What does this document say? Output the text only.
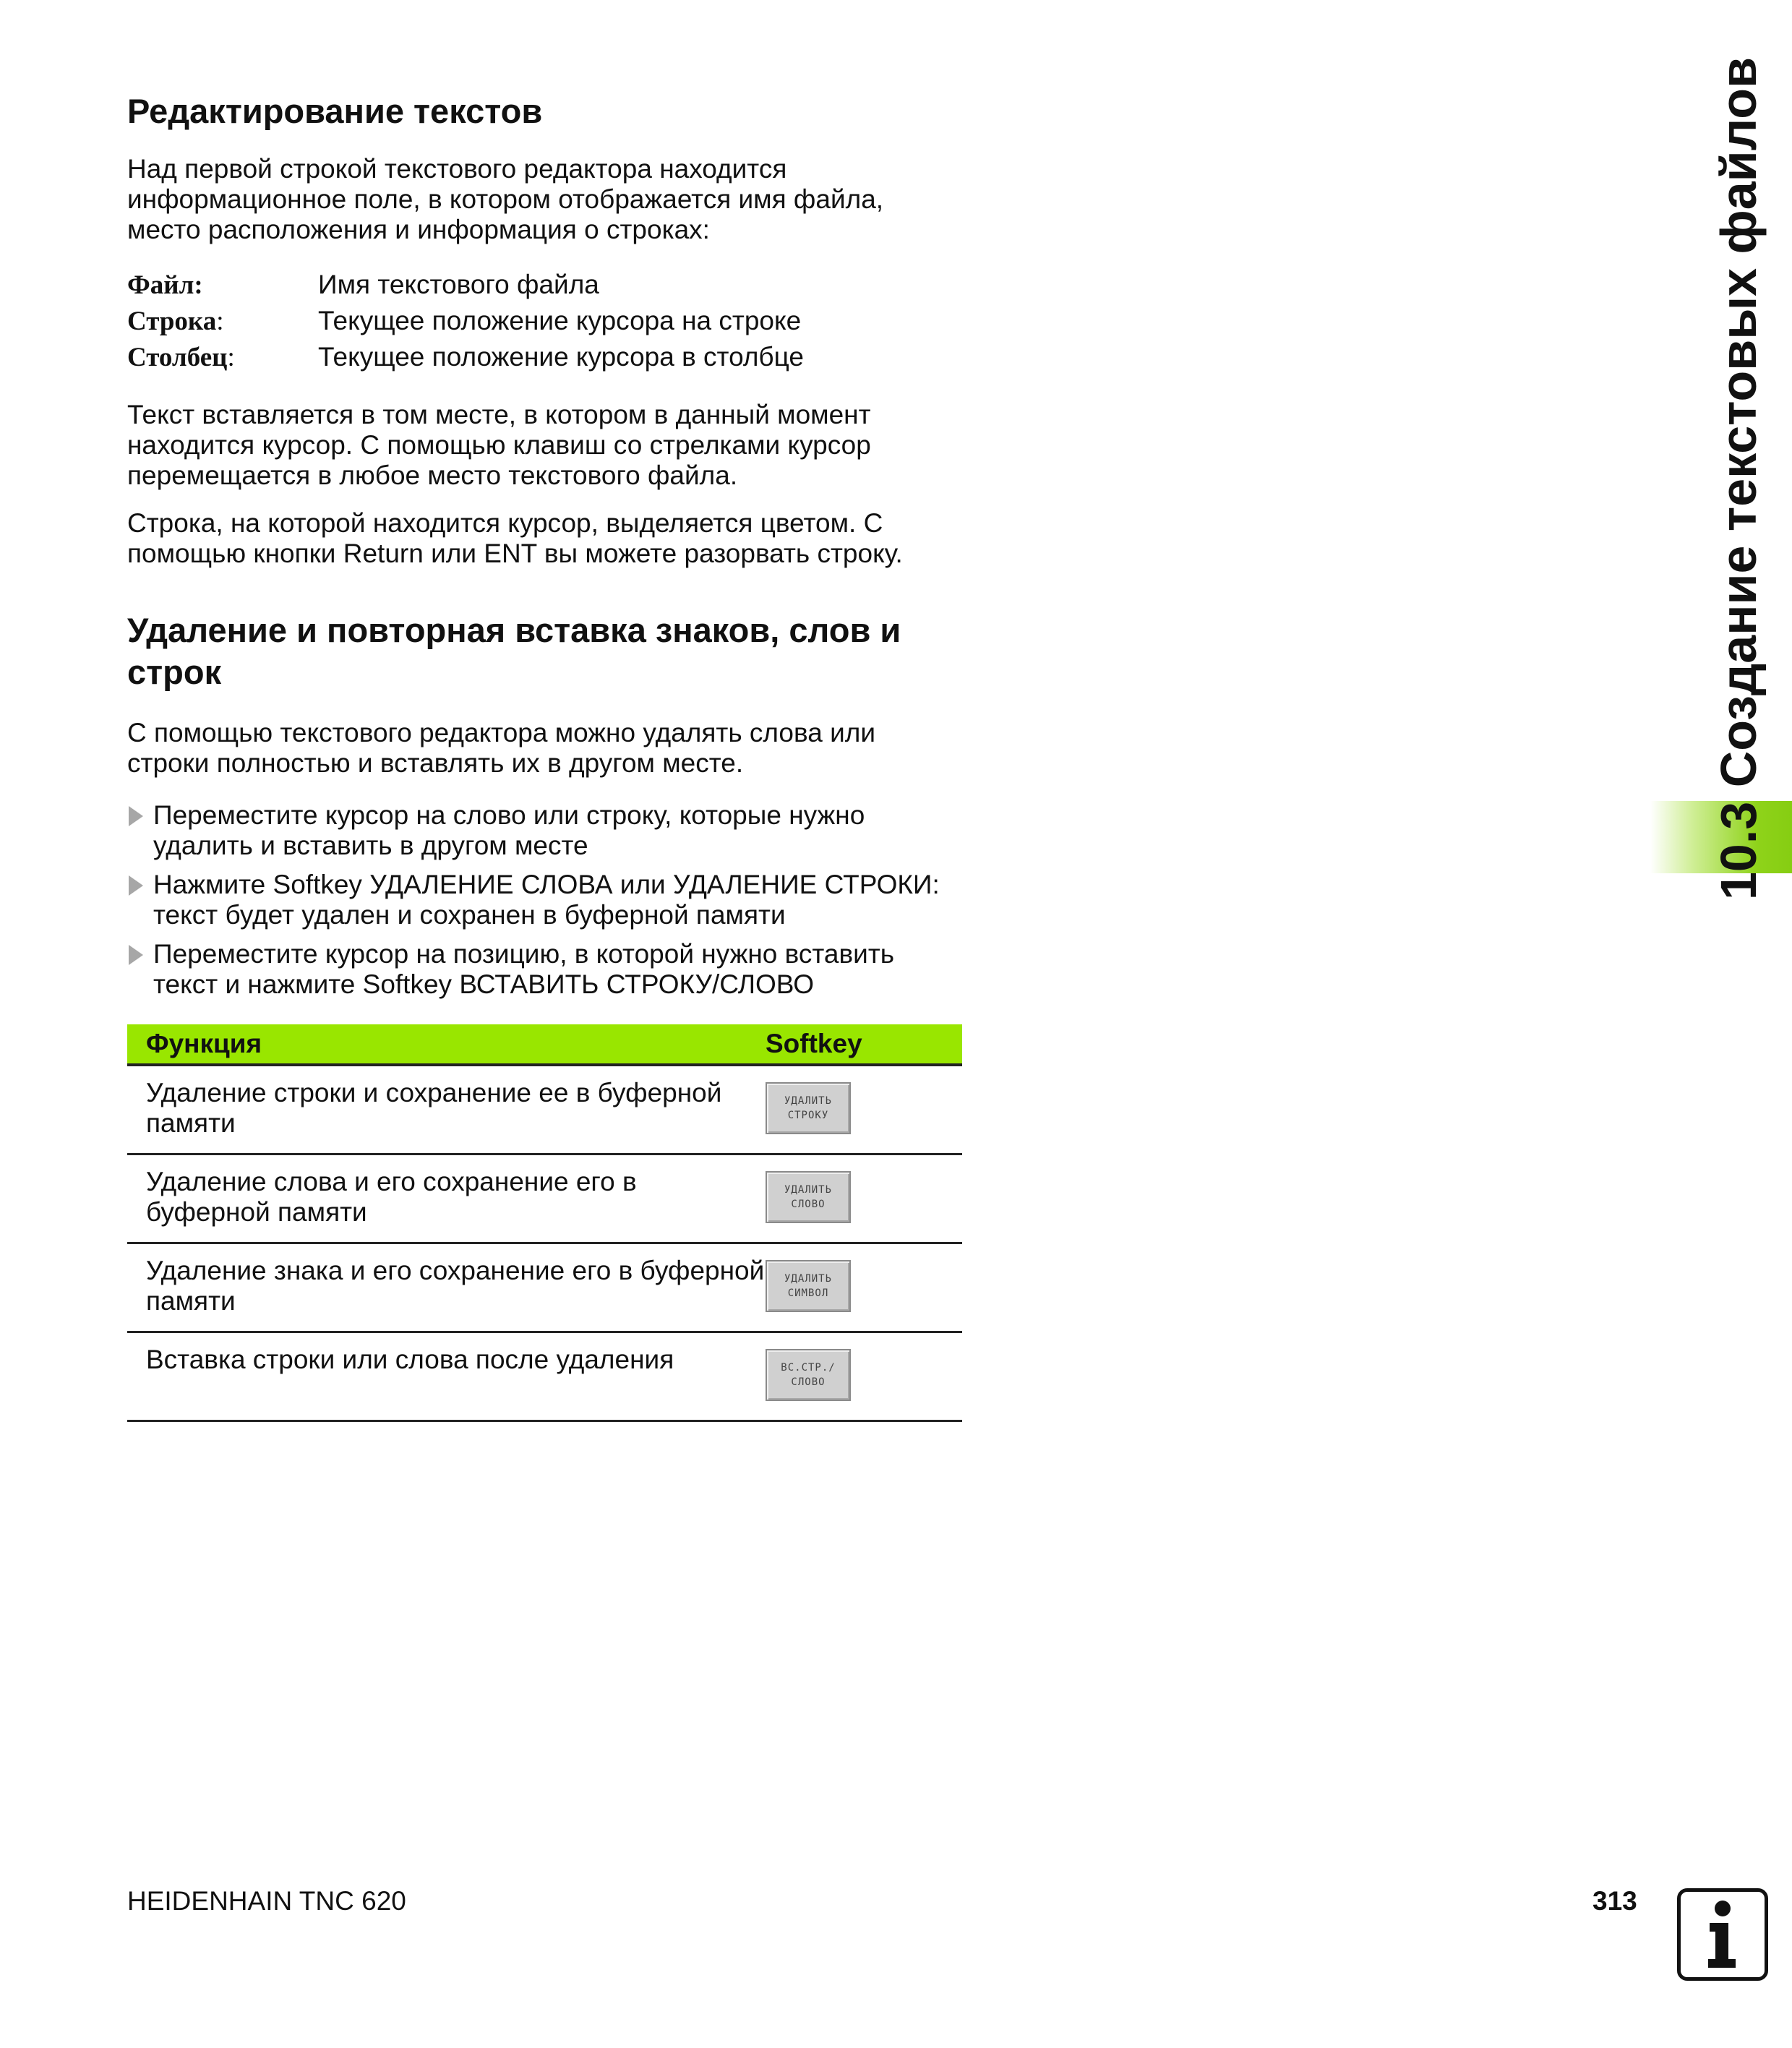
Редактирование текстов

Над первой строкой текстового редактора находится информационное поле, в котором отображается имя файла, место расположения и информация о строках:

Файл:	Имя текстового файла
Строка:	Текущее положение курсора на строке
Столбец:	Текущее положение курсора в столбце

Текст вставляется в том месте, в котором в данный момент находится курсор. С помощью клавиш со стрелками курсор перемещается в любое место текстового файла.

Строка, на которой находится курсор, выделяется цветом. С помощью кнопки Return или ENT вы можете разорвать строку.

Удаление и повторная вставка знаков, слов и строк

С помощью текстового редактора можно удалять слова или строки полностью и вставлять их в другом месте.

Переместите курсор на слово или строку, которые нужно удалить и вставить в другом месте
Нажмите Softkey УДАЛЕНИЕ СЛОВА или УДАЛЕНИЕ СТРОКИ: текст будет удален и сохранен в буферной памяти
Переместите курсор на позицию, в которой нужно вставить текст и нажмите Softkey ВСТАВИТЬ СТРОКУ/СЛОВО
Функция	Softkey
Удаление строки и сохранение ее в буферной памяти	УДАЛИТЬ
СТРОКУ

Удаление слова и его сохранение его в буферной памяти	УДАЛИТЬ
СЛОВО

Удаление знака и его сохранение его в буферной памяти	УДАЛИТЬ
СИМВОЛ

Вставка строки или слова после удаления	ВС.СТР./
СЛОВО
10.3 Создание текстовых файлов
HEIDENHAIN TNC 620	313
